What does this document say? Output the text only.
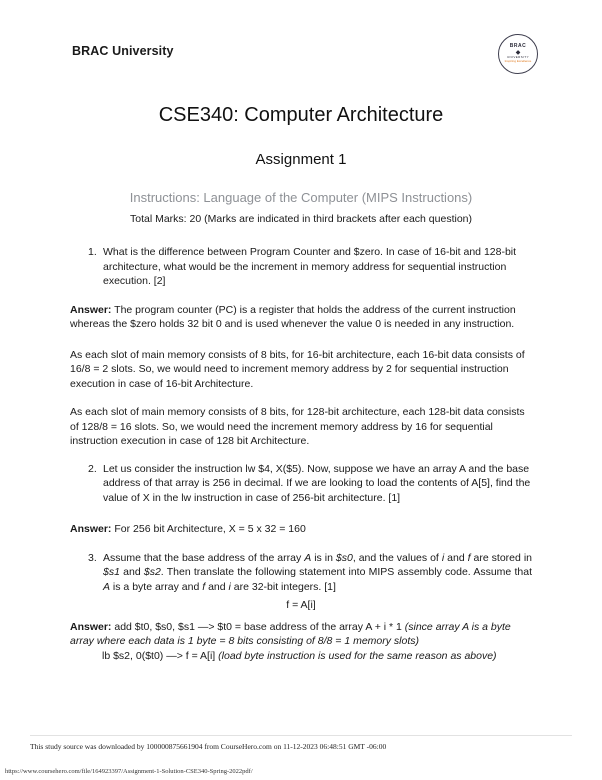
BRAC University	BRAC
◆
UNIVERSITY
Inspiring Excellence
CSE340: Computer Architecture
Assignment 1
Instructions: Language of the Computer (MIPS Instructions)
Total Marks: 20 (Marks are indicated in third brackets after each question)
1. What is the difference between Program Counter and $zero. In case of 16-bit and 128-bit architecture, what would be the increment in memory address for sequential instruction execution. [2]

Answer: The program counter (PC) is a register that holds the address of the current instruction whereas the $zero holds 32 bit 0 and is used whenever the value 0 is needed in any instruction.

As each slot of main memory consists of 8 bits, for 16-bit architecture, each 16-bit data consists of 16/8 = 2 slots. So, we would need to increment memory address by 2 for sequential instruction execution in case of 16-bit Architecture.

As each slot of main memory consists of 8 bits, for 128-bit architecture, each 128-bit data consists of 128/8 = 16 slots. So, we would need the increment memory address by 16 for sequential instruction execution in case of 128 bit Architecture.

2. Let us consider the instruction lw $4, X($5). Now, suppose we have an array A and the base address of that array is 256 in decimal. If we are looking to load the contents of A[5], find the value of X in the lw instruction in case of 256-bit architecture. [1]

Answer: For 256 bit Architecture, X = 5 x 32 = 160

3. Assume that the base address of the array A is in $s0, and the values of i and f are stored in $s1 and $s2. Then translate the following statement into MIPS assembly code. Assume that A is a byte array and f and i are 32-bit integers. [1]
f = A[i]

Answer: add $t0, $s0, $s1 —> $t0 = base address of the array A + i * 1 (since array A is a byte array where each data is 1 byte = 8 bits consisting of 8/8 = 1 memory slots)

lb $s2, 0($t0) —> f = A[i] (load byte instruction is used for the same reason as above)

This study source was downloaded by 100000875661904 from CourseHero.com on 11-12-2023 06:48:51 GMT -06:00
https://www.coursehero.com/file/164923397/Assignment-1-Solution-CSE340-Spring-2022pdf/
